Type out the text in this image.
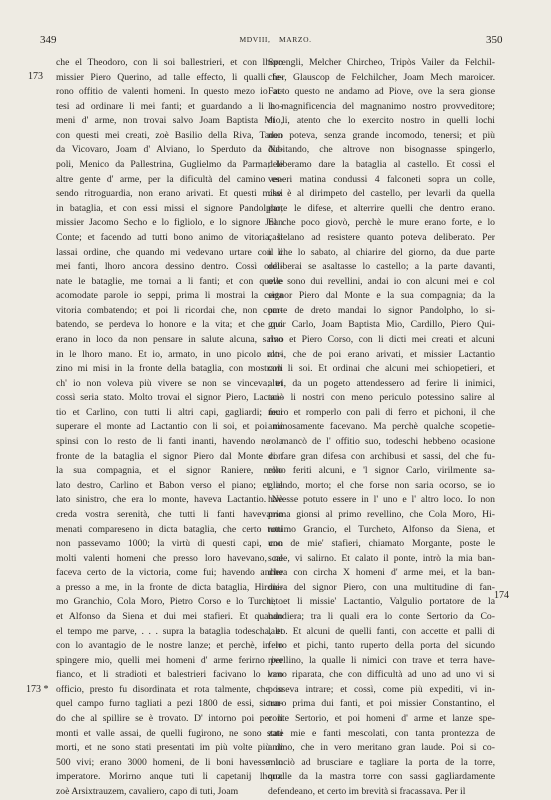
349	MDVIII, MARZO.	350
173
173 *
174
che el Theodoro, con li soi ballestrieri, et con lhoro
missier Piero Querino, ad talle effecto, li qualli fe-
rono offitio de valenti homeni. In questo mezo io at-
tesi ad ordinare li mei fanti; et guardando a li ho-
meni d' arme, non trovai salvo Joam Baptista Mio,
con questi mei creati, zoè Basilio della Riva, Tadeo
da Vicovaro, Joam d' Alviano, lo Sperduto da Na-
poli, Menico da Pallestrina, Guglielmo da Parma; le
altre gente d' arme, per la dificultà del camino es-
sendo ritroguardia, non erano arivati. Et questi missi
in bataglia, et con essi missi el signore Pandolpho,
missier Jacomo Secho e lo figliolo, e lo signore Joan
Conte; et facendo ad tutti bono animo de vitoria, li
lassai ordine, che quando mi vedevano urtare con li
mei fanti, lhoro ancora dessino dentro. Cossì ordi-
nate le bataglie, me tornai a li fanti; et con quelle
acomodate parole io seppi, prima li mostrai la certa
vitoria combatendo; et poi li ricordai che, non com-
batendo, se perdeva lo honore e la vita; et che qui
erano in loco da non pensare in salute alcuna, salvo
in le lhoro mano. Et io, armato, in uno picolo ron-
zino mi misi in la fronte della bataglia, con mostrarli
ch' io non voleva più vivere se non se vinceva; et
cossì seria stato. Molto trovai el signor Piero, Lactan-
tio et Carlino, con tutti li altri capi, gagliardi; feci
superare el monte ad Lactantio con li soi, et poi mi
spinsi con lo resto de li fanti inanti, havendo ne la
fronte de la bataglia el signor Piero dal Monte con
la sua compagnia, et el signor Raniere, nello
lato destro, Carlino et Babon verso el piano; et al
lato sinistro, che era lo monte, haveva Lactantio. Nè
creda vostra serenità, che tutti li fanti havevamo
menati compareseno in dicta bataglia, che certo tutti
non passevamo 1000; la virtù di questi capi, con
molti valenti homeni che presso loro havevano, ne
faceva certo de la victoria, come fui; havendo anche
a presso a me, in la fronte de dicta bataglia, Hironi-
mo Granchio, Cola Moro, Pietro Corso e lo Turcheto
et Alfonso da Siena et dui mei stafieri. Et quando
el tempo me parve, . . . supra la bataglia todescha, et
con lo avantagio de le nostre lanze; et perchè, in lo
spingere mio, quelli mei homeni d' arme ferirno per
fianco, et li stradioti et balestrieri facivano lo loro
officio, presto fu disordinata et rota talmente, che in
quel campo furno tagliati a pezi 1800 de essi, sicun-
do che al spillire se è trovato. D' intorno poi per li
monti et valle assai, de quelli fugirono, ne sono stati
morti, et ne sono stati presentati im più volte più di
500 vivi; erano 3000 homeni, de li boni havesse lo
imperatore. Morirno anque tuti li capetanij lhoro:
zoè Arsixtrauzem, cavaliero, capo di tuti, Joam
Sprengli, Melcher Chircheo, Tripòs Vailer da Felchil-
cher, Glauscop de Felchilcher, Joam Mech maroicer.
Facto questo ne andamo ad Piove, ove la sera gionse
la magnificencia del magnanimo nostro provveditore;
et li, atento che lo exercito nostro in quelli lochi
non poteva, senza grande incomodo, tenersi; et più
dubitando, che altrove non bisognasse spingerlo,
deliberamo dare la bataglia al castello. Et cossì el
veneri matina condussi 4 falconeti sopra un colle,
che è al dirimpeto del castello, per levarli da quella
parte le difese, et alterrire quelli che dentro erano.
El che poco giovò, perchè le mure erano forte, e lo
castelano ad resistere quanto poteva deliberato. Per
il che lo sabato, al chiarire del giorno, da due parte
deliberai se asaltasse lo castello; a la parte davanti,
ove sono dui revellini, andai io con alcuni mei e col
signor Piero dal Monte e la sua compagnia; da la
parte de dreto mandai lo signor Pandolpho, lo si-
gnor Carlo, Joam Baptista Mio, Cardillo, Piero Qui-
rino et Piero Corso, con li dicti mei creati et alcuni
altri, che de poi erano arivati, et missier Lactantio
con li soi. Et ordinai che alcuni mei schiopetieri, et
altri, da un pogeto attendessero ad ferire li inimici,
aciò li nostri con meno periculo potessino salire al
muro et romperlo con pali di ferro et pichoni, il che
animosamente facevano. Ma perchè qualche scopetie-
ro mancò de l' offitio suo, todeschi hebbeno ocasione
di fare gran difesa con archibusi et sassi, del che fu-
rono feriti alcuni, e 'l signor Carlo, virilmente sa-
gliendo, morto; el che forse non saria ocorso, se io
havesse potuto essere in l' uno e l' altro loco. Io non
prima gionsi al primo revellino, che Cola Moro, Hi-
ronimo Grancio, el Turcheto, Alfonso da Siena, et
uno de mie' stafieri, chiamato Morgante, poste le
scale, vi salirno. Et calato il ponte, intrò la mia ban-
diera con circha X homeni d' arme mei, et la ban-
diera del signor Piero, con una multitudine di fan-
ti, et li missie' Lactantio, Valgulio portatore de la
bandiera; tra li quali era lo conte Sertorio da Co-
lalto. Et alcuni de quelli fanti, con accette et palli di
ferro et pichi, tanto ruperto della porta del sicundo
rivellino, la qualle li nimici con trave et terra have-
vano riparata, che con difficultà ad uno ad uno vi si
posseva intrare; et cossì, come più expediti, vi in-
traro prima dui fanti, et poi missier Constantino, el
conte Sertorio, et poi homeni d' arme et lanze spe-
zate mie e fanti mescolati, con tanta prontezza de
animo, che in vero meritano gran laude. Poi si co-
minciò ad brusciare e tagliare la porta de la torre,
qualle da la mastra torre con sassi gagliardamente
defendeano, et certo im brevità si fracassava. Per il
